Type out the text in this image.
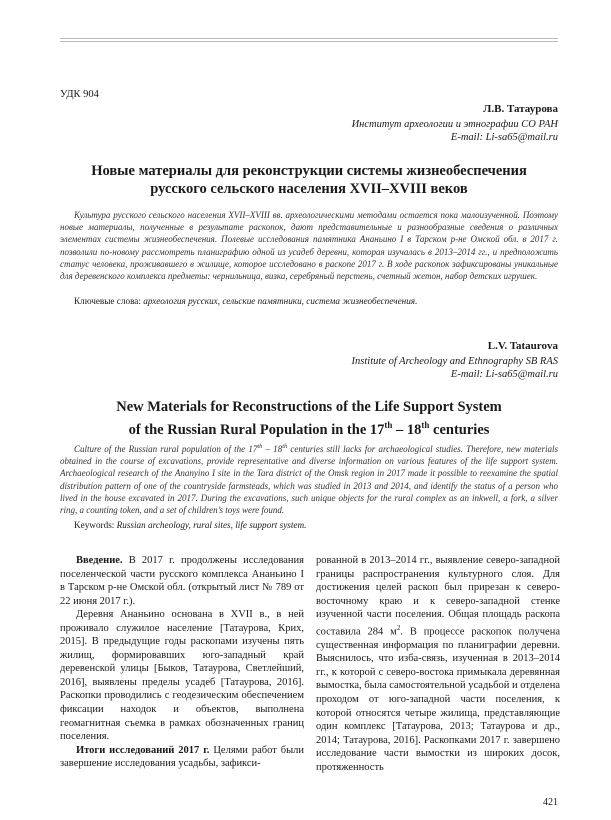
УДК 904
Л.В. Татаурова
Институт археологии и этнографии СО РАН
E-mail: Li-sa65@mail.ru
Новые материалы для реконструкции системы жизнеобеспечения
русского сельского населения XVII–XVIII веков
Культура русского сельского населения XVII–XVIII вв. археологическими методами остается пока малоизученной. Поэтому новые материалы, полученные в результате раскопок, дают представительные и разнообразные сведения о различных элементах системы жизнеобеспечения. Полевые исследования памятника Ананьино I в Тарском р-не Омской обл. в 2017 г. позволили по-новому рассмотреть планиграфию одной из усадеб деревни, которая изучалась в 2013–2014 гг., и предположить статус человека, проживавшего в жилище, которое исследовано в раскопе 2017 г. В ходе раскопок зафиксированы уникальные для деревенского комплекса предметы: чернильница, визка, серебряный перстень, счетный жетон, набор детских игрушек.
Ключевые слова: археология русских, сельские памятники, система жизнеобеспечения.
L.V. Tataurova
Institute of Archeology and Ethnography SB RAS
E-mail: Li-sa65@mail.ru
New Materials for Reconstructions of the Life Support System
of the Russian Rural Population in the 17th – 18th centuries
Culture of the Russian rural population of the 17th – 18th centuries still lacks for archaeological studies. Therefore, new materials obtained in the course of excavations, provide representative and diverse information on various features of the life support system. Archaeological research of the Ananyino I site in the Tara district of the Omsk region in 2017 made it possible to reexamine the spatial distribution pattern of one of the countryside farmsteads, which was studied in 2013 and 2014, and identify the status of a person who lived in the house excavated in 2017. During the excavations, such unique objects for the rural complex as an inkwell, a fork, a silver ring, a counting token, and a set of children’s toys were found.
Keywords: Russian archeology, rural sites, life support system.

Введение. В 2017 г. продолжены исследования поселенческой части русского комплекса Ананьино I в Тарском р-не Омской обл. (открытый лист № 789 от 22 июня 2017 г.).

Деревня Ананьино основана в XVII в., в ней проживало служилое население [Татаурова, Крих, 2015]. В предыдущие годы раскопами изучены пять жилищ, формировавших юго-западный край деревенской улицы [Быков, Татаурова, Светлейший, 2016], выявлены пределы усадеб [Татаурова, 2016]. Раскопки проводились с геодезическим обеспечением фиксации находок и объектов, выполнена геомагнитная съемка в рамках обозначенных границ поселения.

Итоги исследований 2017 г. Целями работ были завершение исследования усадьбы, зафикси-

рованной в 2013–2014 гг., выявление северо-западной границы распространения культурного слоя. Для достижения целей раскоп был прирезан к северо-восточному краю и к северо-западной стенке изученной части поселения. Общая площадь раскопа составила 284 $м^2$. В процессе раскопок получена существенная информация по планиграфии деревни. Выяснилось, что изба-связь, изученная в 2013–2014 гг., к которой с северо-востока примыкала деревянная вымостка, была самостоятельной усадьбой и отделена проходом от юго-западной части поселения, к которой относятся четыре жилища, представляющие один комплекс [Татаурова, 2013; Татаурова и др., 2014; Татаурова, 2016]. Раскопками 2017 г. завершено исследование части вымостки из широких досок, протяженность

421
